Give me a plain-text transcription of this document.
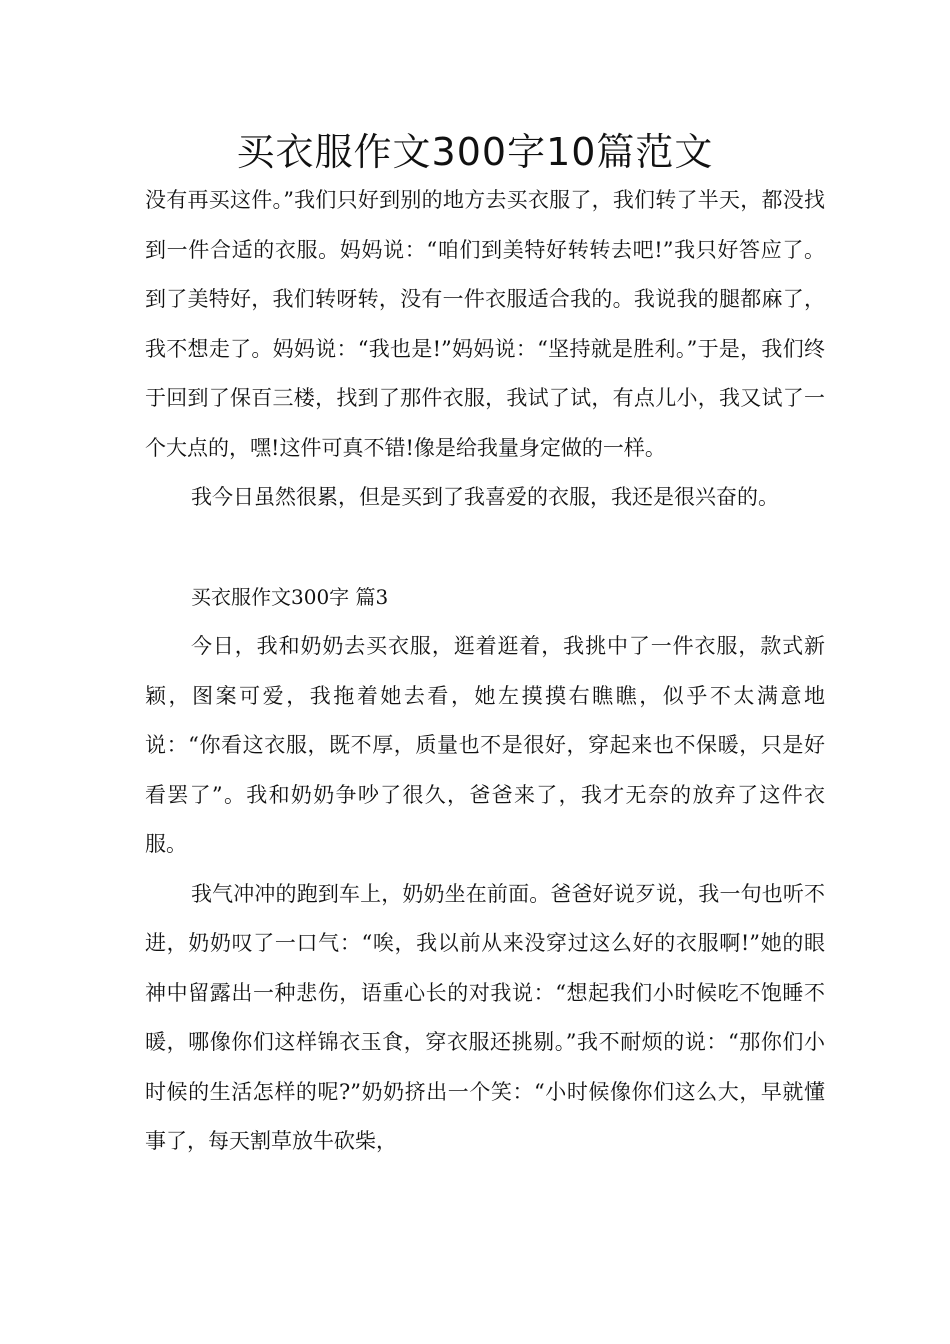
买衣服作文300字10篇范文

没有再买这件。”我们只好到别的地方去买衣服了，我们转了半天，都没找到一件合适的衣服。妈妈说：“咱们到美特好转转去吧!”我只好答应了。到了美特好，我们转呀转，没有一件衣服适合我的。我说我的腿都麻了，我不想走了。妈妈说：“我也是!”妈妈说：“坚持就是胜利。”于是，我们终于回到了保百三楼，找到了那件衣服，我试了试，有点儿小，我又试了一个大点的，嘿!这件可真不错!像是给我量身定做的一样。

我今日虽然很累，但是买到了我喜爱的衣服，我还是很兴奋的。

买衣服作文300字 篇3

今日，我和奶奶去买衣服，逛着逛着，我挑中了一件衣服，款式新颖，图案可爱，我拖着她去看，她左摸摸右瞧瞧，似乎不太满意地说：“你看这衣服，既不厚，质量也不是很好，穿起来也不保暖，只是好看罢了”。我和奶奶争吵了很久，爸爸来了，我才无奈的放弃了这件衣服。

我气冲冲的跑到车上，奶奶坐在前面。爸爸好说歹说，我一句也听不进，奶奶叹了一口气：“唉，我以前从来没穿过这么好的衣服啊!”她的眼神中留露出一种悲伤，语重心长的对我说：“想起我们小时候吃不饱睡不暖，哪像你们这样锦衣玉食，穿衣服还挑剔。”我不耐烦的说：“那你们小时候的生活怎样的呢?”奶奶挤出一个笑：“小时候像你们这么大，早就懂事了，每天割草放牛砍柴，
